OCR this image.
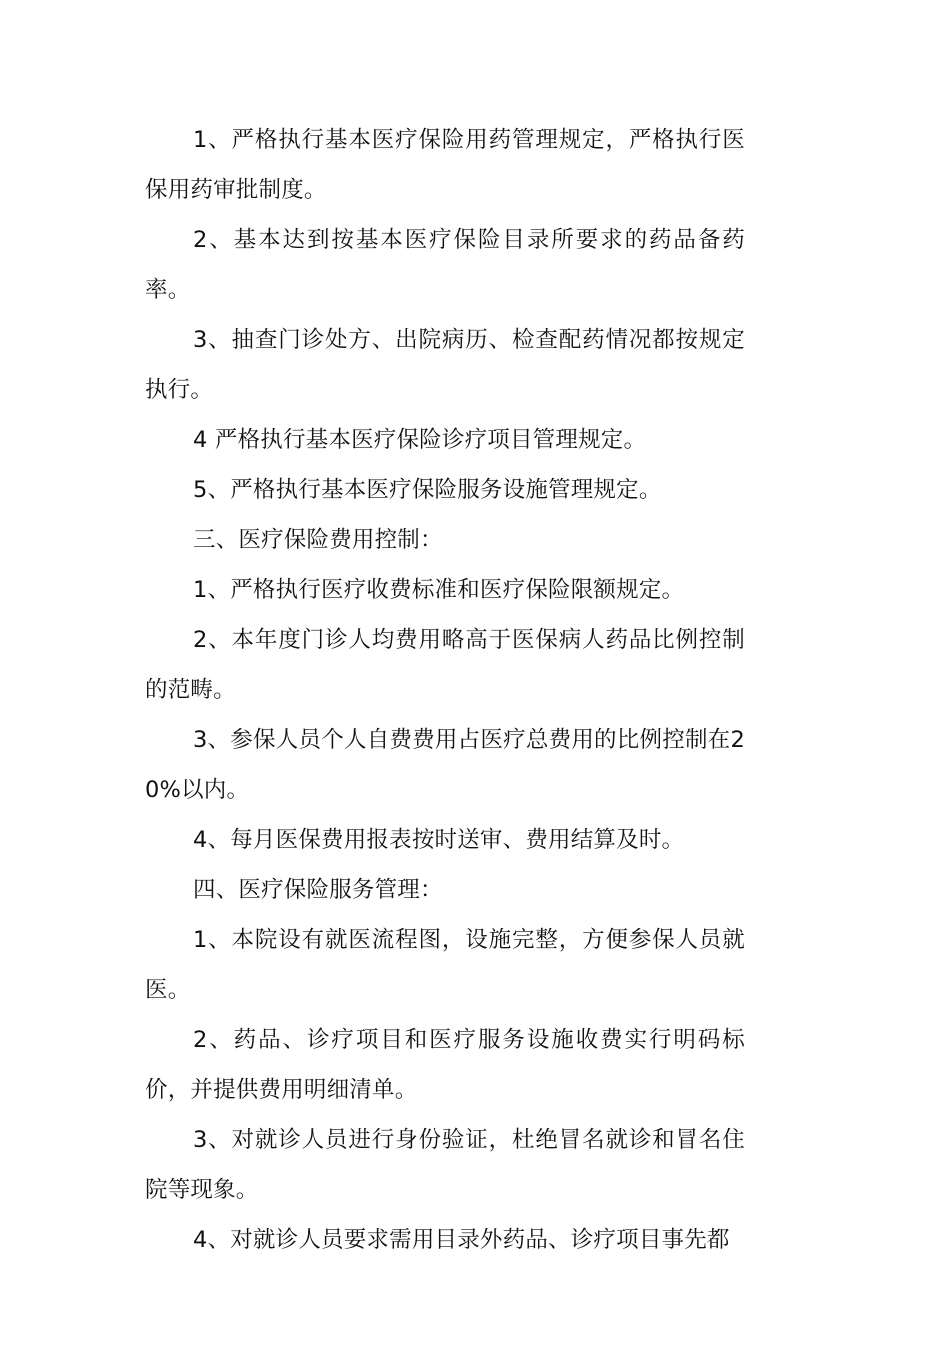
1、严格执行基本医疗保险用药管理规定，严格执行医保用药审批制度。

2、基本达到按基本医疗保险目录所要求的药品备药率。

3、抽查门诊处方、出院病历、检查配药情况都按规定执行。

4 严格执行基本医疗保险诊疗项目管理规定。

5、严格执行基本医疗保险服务设施管理规定。

三、医疗保险费用控制：

1、严格执行医疗收费标准和医疗保险限额规定。

2、本年度门诊人均费用略高于医保病人药品比例控制的范畴。

3、参保人员个人自费费用占医疗总费用的比例控制在20%以内。

4、每月医保费用报表按时送审、费用结算及时。

四、医疗保险服务管理：

1、本院设有就医流程图，设施完整，方便参保人员就医。

2、药品、诊疗项目和医疗服务设施收费实行明码标价，并提供费用明细清单。

3、对就诊人员进行身份验证，杜绝冒名就诊和冒名住院等现象。

4、对就诊人员要求需用目录外药品、诊疗项目事先都
